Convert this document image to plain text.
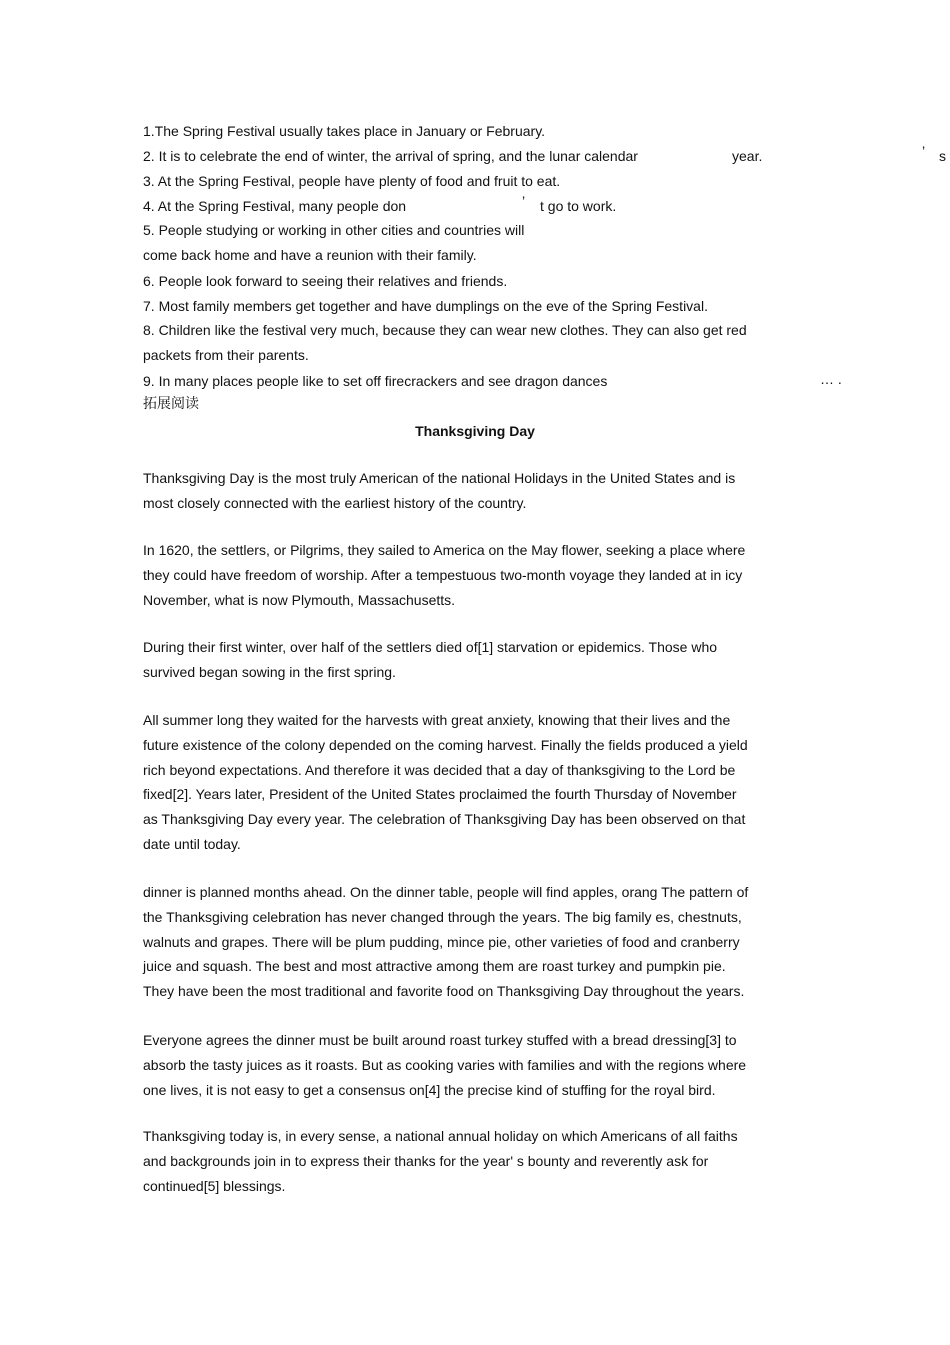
1.The Spring Festival usually takes place in January or February.
2. It is to celebrate the end of winter, the arrival of spring, and the lunar calendar	year.	’ s
3. At the Spring Festival, people have plenty of food and fruit to eat.
4. At the Spring Festival, many people don	’ t go to work.
5. People studying or working in other cities and countries will
come back home and have a reunion with their family.
6. People look forward to seeing their relatives and friends.
7. Most family members get together and have dumplings on the eve of the Spring Festival.
8. Children like the festival very much, because they can wear new clothes. They can also get red
packets from their parents.
9. In many places people like to set off firecrackers and see dragon dances	… .
拓展阅读
Thanksgiving Day
Thanksgiving Day is the most truly American of the national Holidays in the United States and is
most closely connected with the earliest history of the country.
In 1620, the settlers, or Pilgrims, they sailed to America on the May flower, seeking a place where
they could have freedom of worship. After a tempestuous two-month voyage they landed at in icy
November, what is now Plymouth, Massachusetts.
During their first winter, over half of the settlers died of[1] starvation or epidemics. Those who
survived began sowing in the first spring.
All summer long they waited for the harvests with great anxiety, knowing that their lives and the
future existence of the colony depended on the coming harvest. Finally the fields produced a yield
rich beyond expectations. And therefore it was decided that a day of thanksgiving to the Lord be
fixed[2]. Years later, President of the United States proclaimed the fourth Thursday of November
as Thanksgiving Day every year. The celebration of Thanksgiving Day has been observed on that
date until today.
dinner is planned months ahead. On the dinner table, people will find apples, orang The pattern of
the Thanksgiving celebration has never changed through the years. The big family es, chestnuts,
walnuts and grapes. There will be plum pudding, mince pie, other varieties of food and cranberry
juice and squash. The best and most attractive among them are roast turkey and pumpkin pie.
They have been the most traditional and favorite food on Thanksgiving Day throughout the years.
Everyone agrees the dinner must be built around roast turkey stuffed with a bread dressing[3] to
absorb the tasty juices as it roasts. But as cooking varies with families and with the regions where
one lives, it is not easy to get a consensus on[4] the precise kind of stuffing for the royal bird.
Thanksgiving today is, in every sense, a national annual holiday on which Americans of all faiths
and backgrounds join in to express their thanks for the year' s bounty and reverently ask for
continued[5] blessings.
